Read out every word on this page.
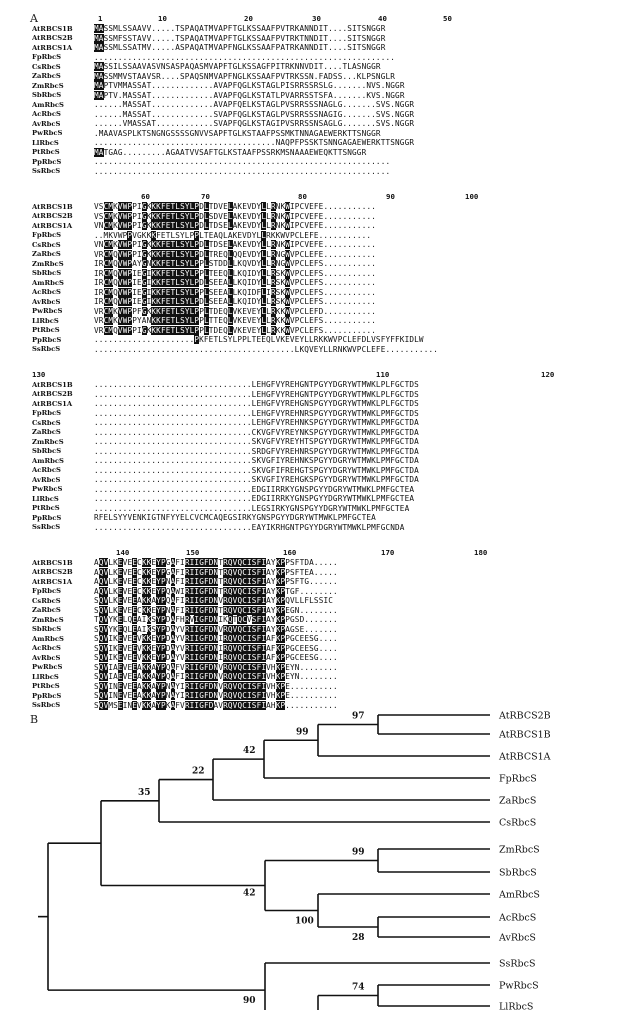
A	1	10	20	30	40	50
AtRBCS1B	MASSMLSSAAVV.....TSPAQATMVAPFTGLKSSAAFPVTRKANNDIT....SITSNGGR
AtRBCS2B	MASSMFSSTAVV.....TSPAQATMVAPFTGLKSSAAFPVTRKTNNDIT....SITSNGGR
AtRBCS1A	MASSMLSSATMV.....ASPAQATMVAPFNGLKSSAAFPATRKANNDIT....SITSNGGR
FpRbcS	...............................................................
CsRbcS	MASSILSSAAVASVNSASPAQASMVAPFTGLKSSAGFPITRKNNVDIT....TLASNGGR
ZaRbcS	MASSMMVSTAAVSR....SPAQSNMVAPFNGLKSSAAFPVTRKSSN.FADSS...KLPSNGLR
ZmRbcS	MAPTVMMASSAT.............AVAPFQGLKSTAGLPISRRSSRSLG.......NVS.NGGR
SbRbcS	MAPTV.MASSAT.............AVAPFQGLKSTATLPVARRSSTSFA.......KVS.NGGR
AmRbcS	......MASSAT.............AVAPFQELKSTAGLPVSRRSSSNAGLG.......SVS.NGGR
AcRbcS	......MASSAT.............SVAPFQGLKSTAGLPVSRRSSSNAGIG.......SVS.NGGR
AvRbcS	......VMASSAT............SVAPFQGLKSTAGIPVSRRSSNSAGLG.......SVS.NGGR
PwRbcS	.MAAVASPLKTSNGNGSSSSGNVVSAPFTGLKSTAAFPSSMKTNNAGAEWERKTTSNGGR
LlRbcS	......................................NAQPFPSSKTSNNGAGAEWERKTTSNGGR
PtRbcS	MATGAG.........AGAATVVSAFTGLKSTAAFPSSRKMSNAAAEWEQKTTSNGGR
PpRbcS	..............................................................
SsRbcS	..............................................................
60	70	80	90	100
AtRBCS1B	VSCMKVWPPIGKKKFETLSYLPDLTDVELAKEVDYLLRNKWIPCVEFE...........
AtRBCS2B	VSCMKVWPPIGKKKFETLSYLPDLSDVELAKEVDYLLRNKWIPCVEFE...........
AtRBCS1A	VNCMKVWPPIGKKKFETLSYLPDLTDSELAKEVDYLLRNKWIPCVEFE...........
FpRbcS	..MKVWPPVGKKKFETLSYLPPLTEAQLAKEVDYLLRKKWVPCLEFE...........
CsRbcS	VNCMKVWPPIGKKKFETLSYLPDLTDSELAKEVDYLLRNKWIPCVEFE...........
ZaRbcS	VRCMQVWPPIGKKKFETLSYLPDLTREQLQQEVDYLLRNGWVPCLEFE...........
ZmRbcS	IRCMQVWPAYGNKKFETLSYLPPLSTDDLLKQVDYLLRNGWVPCLEFS...........
SbRbcS	IRCMQVWPIEGIKKFETLSYLPPLTEEQLLKQIDYLLRSKWVPCLEFS...........
AmRbcS	IRCMQVWPIEGIKKFETLSYLPDLSEEALLKQIDYLLRSKWVPCLEFS...........
AcRbcS	IRCMQVWPIEGIKKFETLSYLPPLSEEALLKQIDFLIRSKWVPCLEFS...........
AvRbcS	IRCMQVWPIEGIKKFETLSYLPDLSEEALLKQIDYLLRSKWVPCLEFS...........
PwRbcS	VRCMKVWPPFGKKKFETLSYLPPLTDEQLVKEVEYLLRKKWVPCLEFD...........
LlRbcS	VRCMKVWPPYANKKFETLSYLPPLTTEQLVKEVEYLLRKKWVPCLEFS...........
PtRbcS	VRCMQVWPPIGKKKFETLSYLPPLTDEQLVKEVEYLLRKKWVPCLEFS...........
PpRbcS	.....................PKFETLSYLPPLTEEQLVKEVEYLLRKKWVPCLEFDLVSFYFFKIDLW
SsRbcS	..........................................LKQVEYLLRNKWVPCLEFE...........
110	120
130
AtRBCS1B	.................................LEHGFVYREHGNTPGYYDGRYWTMWKLPLFGCTDS
AtRBCS2B	.................................LEHGFVYREHGNTPGYYDGRYWTMWKLPLFGCTDS
AtRBCS1A	.................................LEHGFVYREHGNSPGYYDGRYWTMWKLPLFGCTDS
FpRbcS	.................................LEHGFVYREHNRSPGYYDGRYWTMWKLPMFGCTDS
CsRbcS	.................................LEHGFVYREHNKSPGYYDGRYWTMWKLPMFGCTDA
ZaRbcS	.................................CKVGFVYREYNKSPGYYDGRYWTMWKLPMFGCTDA
ZmRbcS	.................................SKVGFVYREYHTSPGYYDGRYWTMWKLPMFGCTDA
SbRbcS	.................................SRDGFVYREHNRSPGYYDGRYWTMWKLPMFGCTDA
AmRbcS	.................................SKVGFIYREHNKSPGYYDGRYWTMWKLPMFGCTDA
AcRbcS	.................................SKVGFIFREHGTSPGYYDGRYWTMWKLPMFGCTDA
AvRbcS	.................................SKVGFIYREHGKSPGYYDGRYWTMWKLPMFGCTDA
PwRbcS	.................................EDGIIRRKYGNSPGYYDGRYWTMWKLPMFGCTEA
LlRbcS	.................................EDGIIRRKYGNSPGYYDGRYWTMWKLPMFGCTEA
PtRbcS	.................................LEGSIRKYGNSPGYYDGRYWTMWKLPMFGCTEA
PpRbcS	RFELSYYVENKIGTNFYYELCVCMCAQEGSIRKYGNSPGYYDGRYWTMWKLPMFGCTEA
SsRbcS	.................................EAYIKRHGNTPGYYDGRYWTMWKLPMFGCNDA
140	150	160	170	180
AtRBCS1B	AQVLKEVEECKKEYPGAFIRIIGFDNTRQVQCISFIAYKPPSFTDA.....
AtRBCS2B	AQVLKEVEECKKEYPGAFIRIIGFDNTRQVQCISFIAYKPPSFTEA.....
AtRBCS1A	AQVLKEVEECKKEYPNAFIRIIGFDNTRQVQCISFIAYKPPSFTG......
FpRbcS	AQVLKEVEECKKEYPQAWIRIIGFDNTRQVQCISFIAYKPTGF........
CsRbcS	SQVLKEVEEAKKAYPQAFIRIIGFDNVRQVQCISFIAYKPQVLLFLSSIC
ZaRbcS	SQVLKEVEECKKEYPNAFIRIIGFDNTRQVQCISFIAYKPEGN........
ZmRbcS	TQVYKELQEAIKSYPDAFHRVIGFDNIKQTQCVSFIAYKPPGSD.......
SbRbcS	SQVYKEQLEAIKSYPDAYVRIIGFDNVRQVQCISFIAYKPAGSE.......
AmRbcS	SQVIKEVEEVKKEYPDAYVRIIGFDNIRQVQCISFIAFKPPGCEESG....
AcRbcS	SQVIKEVEEVKKEYPDAYVRIIGFDNIRQVQCISFIAFKPPGCEESG....
AvRbcS	SQVIKEVEEVKKEYPDAYVRIIGFDNIRQVQCISFIAFKPPGCEESG....
PwRbcS	SQVIAEVEEAKKAYPQAFVRIIGFDNVRQVQCISFIVHKPEYN........
LlRbcS	SQVIAEVEEAKKAYPQAFIRIIGFDNVRQVQCISFIVHKPEYN........
PtRbcS	SQVINEVEEAKKAYPNAYIRIIGFDNVRQVQCISFIVHKPE..........
PpRbcS	SQVINEVEEAKKAYPNAYIRIIGFDNVRQVQCISFIVHKPE..........
SsRbcS	SQVMSEINEVKKAYPKAFVRIIGFDAVRQVQCISFIAHKP...........
B	AtRBCS2B
AtRBCS1B
AtRBCS1A
FpRbcS
ZaRbcS
CsRbcS
ZmRbcS
SbRbcS
AmRbcS
AcRbcS
AvRbcS
SsRbcS
PwRbcS
LlRbcS
97
99
42
22
35
99
42
100
28
74
90
